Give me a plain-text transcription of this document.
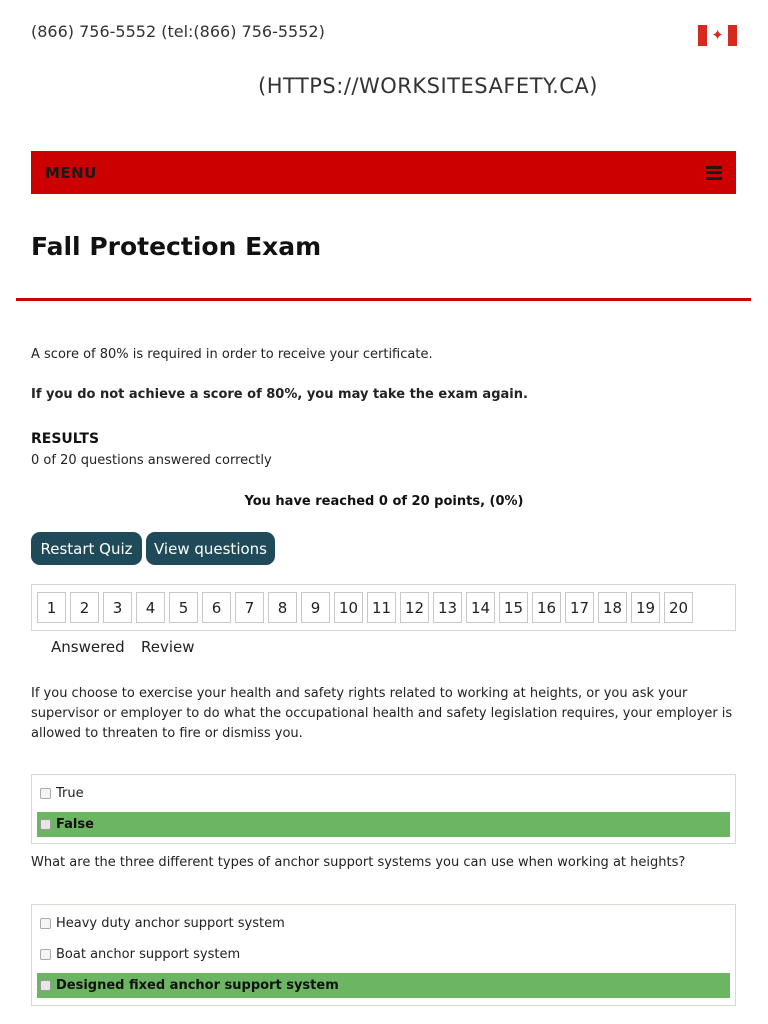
(866) 756-5552 (tel:(866) 756-5552)	✦
(HTTPS://WORKSITESAFETY.CA)
MENU
Fall Protection Exam
A score of 80% is required in order to receive your certificate.
If you do not achieve a score of 80%, you may take the exam again.
RESULTS
0 of 20 questions answered correctly
You have reached 0 of 20 points, (0%)
Restart Quiz	View questions
1	2	3	4	5	6	7	8	9	10 11 12 13 14 15 16 17 18 19 20
Answered Review

If you choose to exercise your health and safety rights related to working at heights, or you ask your supervisor or employer to do what the occupational health and safety legislation requires, your employer is allowed to threaten to fire or dismiss you.

True
False

What are the three different types of anchor support systems you can use when working at heights?

Heavy duty anchor support system
Boat anchor support system
Designed fixed anchor support system
